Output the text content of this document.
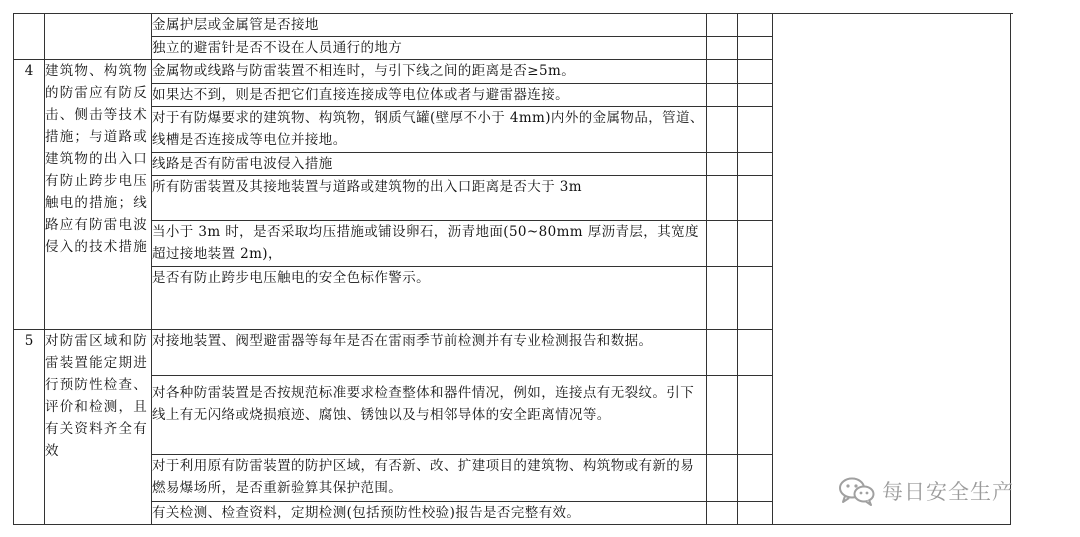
		金属护层或金属管是否接地			
		独立的避雷针是否不设在人员通行的地方			
4	建筑物、构筑物的防雷应有防反击、侧击等技术措施；与道路或建筑物的出入口有防止跨步电压触电的措施；线路应有防雷电波侵入的技术措施	金属物或线路与防雷装置不相连时，与引下线之间的距离是否≥5m。			
		如果达不到，则是否把它们直接连接成等电位体或者与避雷器连接。			
		对于有防爆要求的建筑物、构筑物，钢质气罐(壁厚不小于 4mm)内外的金属物品，管道、线槽是否连接成等电位并接地。			
		线路是否有防雷电波侵入措施			
		所有防雷装置及其接地装置与道路或建筑物的出入口距离是否大于 3m			
		当小于 3m 时，是否采取均压措施或铺设卵石，沥青地面(50~80mm 厚沥青层，其宽度超过接地装置 2m)，			
		是否有防止跨步电压触电的安全色标作警示。			
5	对防雷区域和防雷装置能定期进行预防性检查、评价和检测，且有关资料齐全有效	对接地装置、阀型避雷器等每年是否在雷雨季节前检测并有专业检测报告和数据。			
		对各种防雷装置是否按规范标准要求检查整体和器件情况，例如，连接点有无裂纹。引下线上有无闪络或烧损痕迹、腐蚀、锈蚀以及与相邻导体的安全距离情况等。			
		对于利用原有防雷装置的防护区域，有否新、改、扩建项目的建筑物、构筑物或有新的易燃易爆场所，是否重新验算其保护范围。			
		有关检测、检查资料，定期检测(包括预防性校验)报告是否完整有效。			
每日安全生产
